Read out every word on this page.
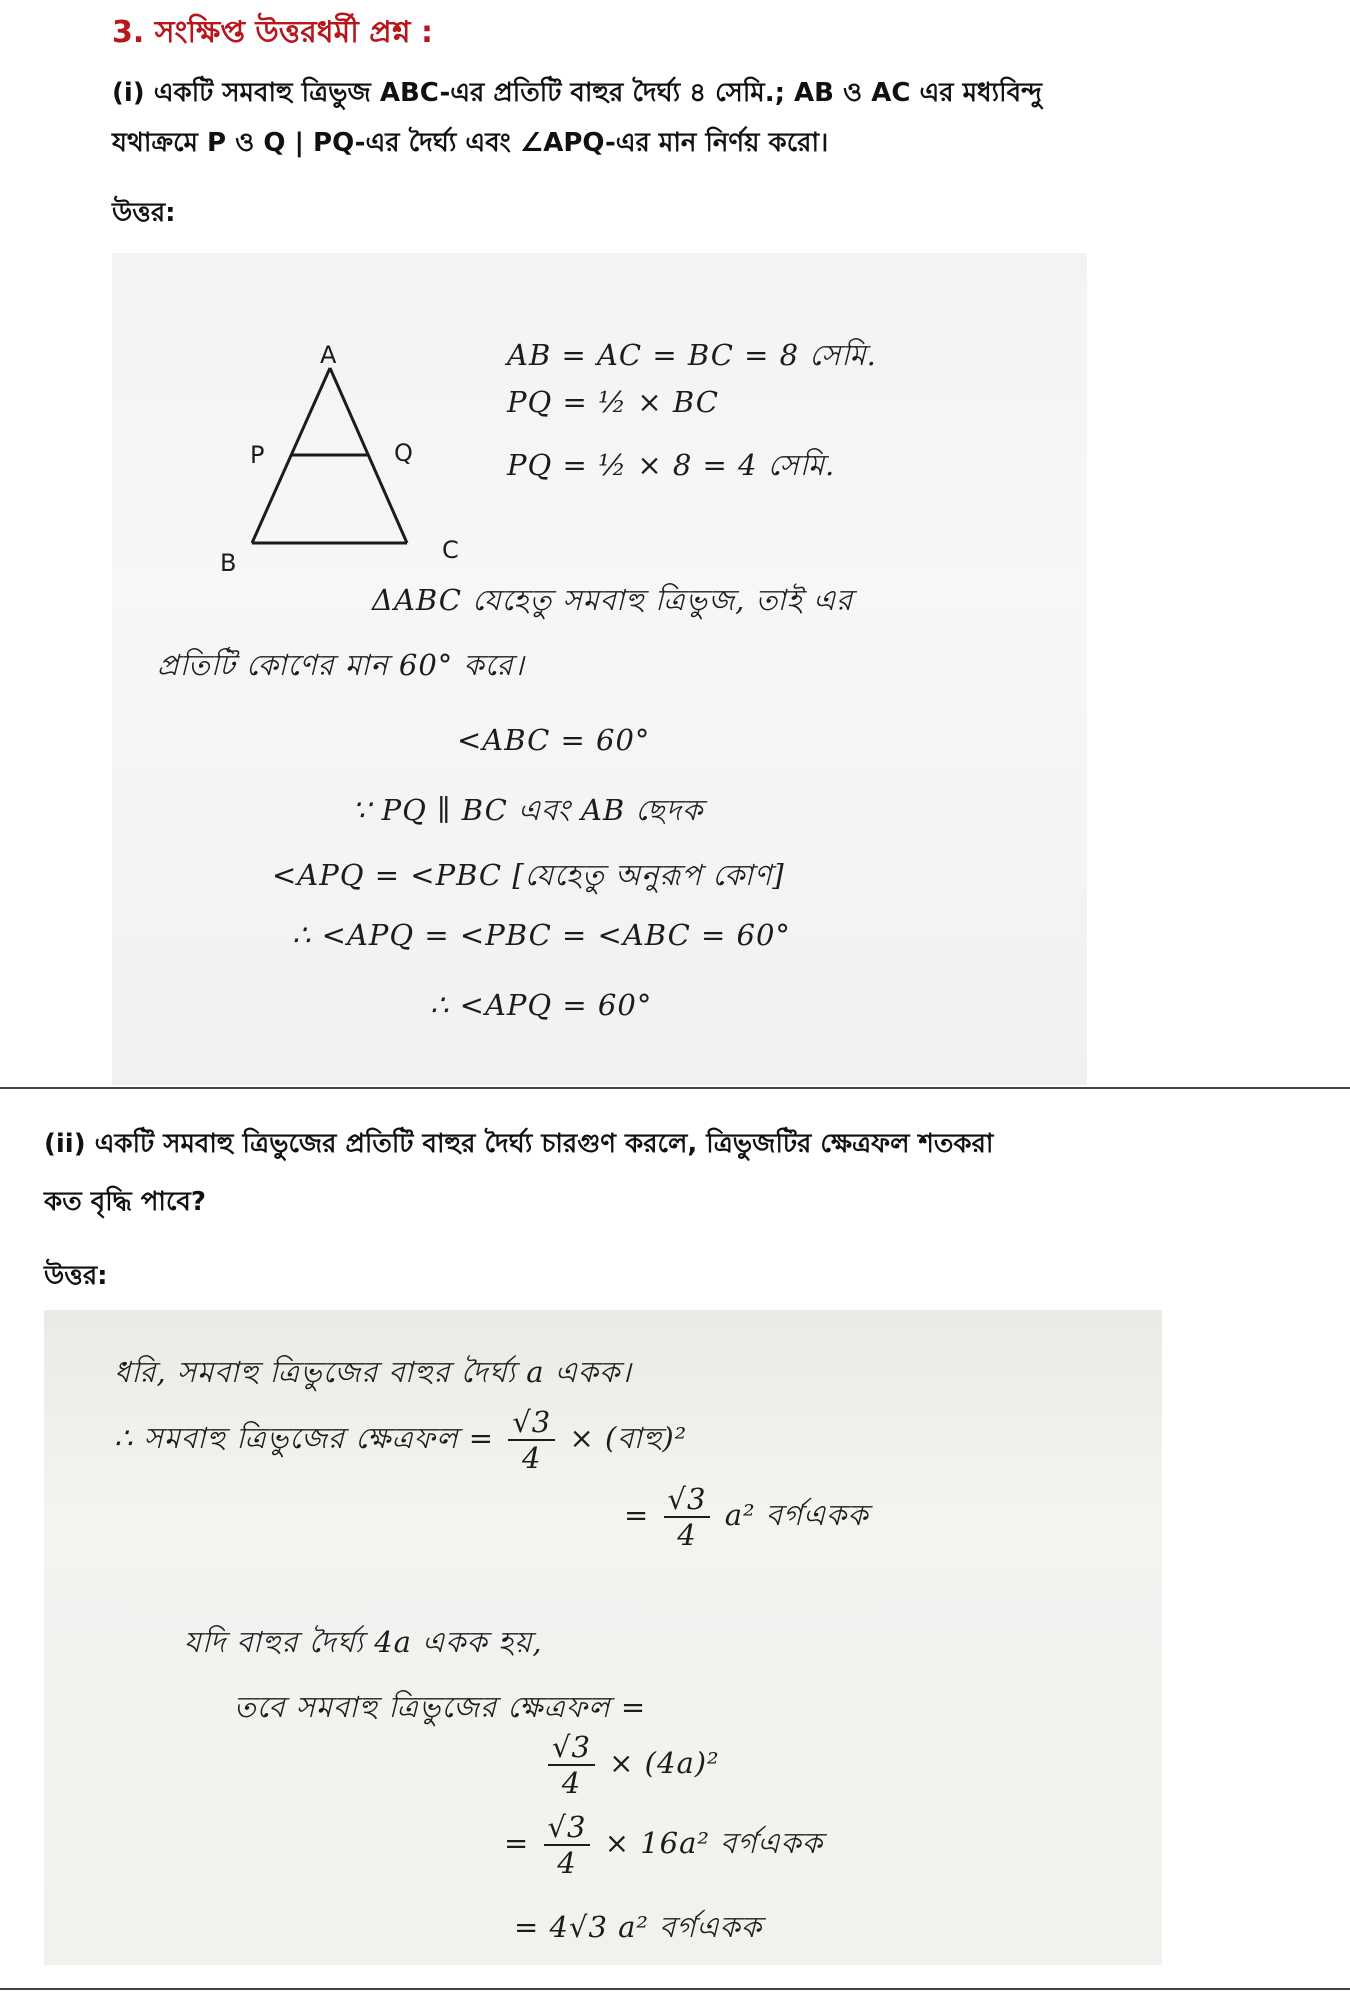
3. সংক্ষিপ্ত উত্তরধর্মী প্রশ্ন :
(i) একটি সমবাহু ত্রিভুজ ABC-এর প্রতিটি বাহুর দৈর্ঘ্য ৪ সেমি.; AB ও AC এর মধ্যবিন্দু
যথাক্রমে P ও Q | PQ-এর দৈর্ঘ্য এবং ∠APQ-এর মান নির্ণয় করো।
উত্তর:
A
P	Q
B	C
AB = AC = BC = 8 সেমি.
PQ = ½ × BC
PQ = ½ × 8 = 4 সেমি.
ΔABC যেহেতু সমবাহু ত্রিভুজ, তাই এর
প্রতিটি কোণের মান 60° করে।
<ABC = 60°
∵ PQ ∥ BC এবং AB ছেদক
<APQ = <PBC [যেহেতু অনুরূপ কোণ]
∴ <APQ = <PBC = <ABC = 60°
∴ <APQ = 60°
(ii) একটি সমবাহু ত্রিভুজের প্রতিটি বাহুর দৈর্ঘ্য চারগুণ করলে, ত্রিভুজটির ক্ষেত্রফল শতকরা
কত বৃদ্ধি পাবে?
উত্তর:
ধরি, সমবাহু ত্রিভুজের বাহুর দৈর্ঘ্য a একক।
∴ সমবাহু ত্রিভুজের ক্ষেত্রফল = $\frac{√3}{4}$ × (বাহু)²
= $\frac{√3}{4} a^2$ বর্গএকক
যদি বাহুর দৈর্ঘ্য 4a একক হয়,
তবে সমবাহু ত্রিভুজের ক্ষেত্রফল =
$\frac{√3}{4} \times (4a)^2$
= $\frac{√3}{4} \times 16a^2$ বর্গএকক
= 4√3 a² বর্গএকক
